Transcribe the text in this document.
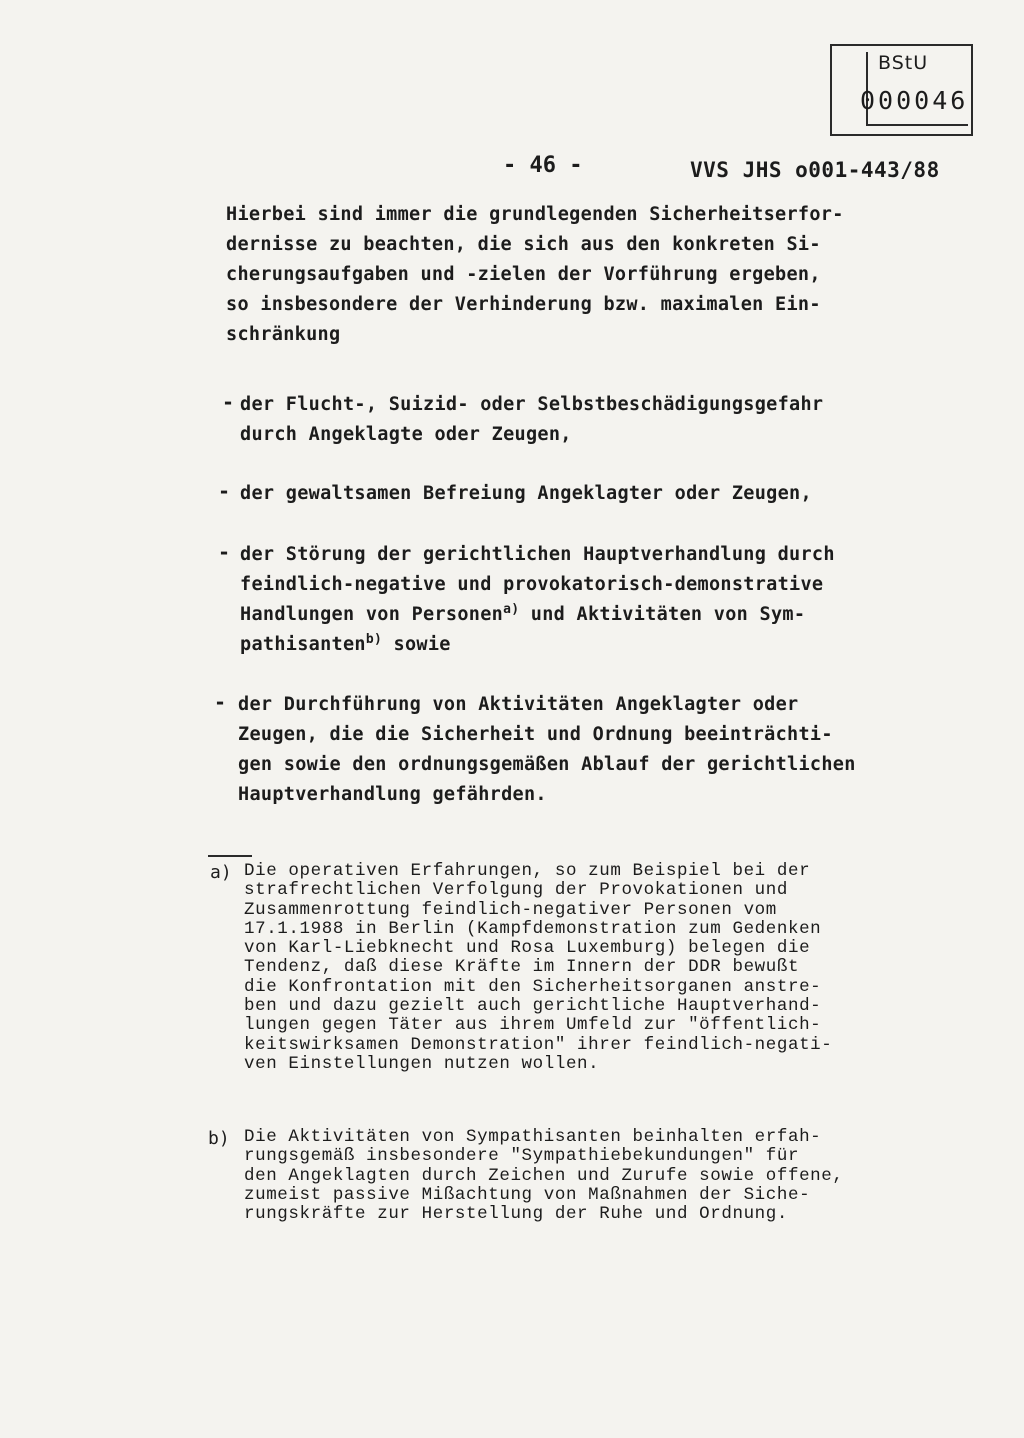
BStU
000046
- 46 -	VVS JHS o001-443/88
Hierbei sind immer die grundlegenden Sicherheitserfor-
dernisse zu beachten, die sich aus den konkreten Si-
cherungsaufgaben und -zielen der Vorführung ergeben,
so insbesondere der Verhinderung bzw. maximalen Ein-
schränkung
- der Flucht-, Suizid- oder Selbstbeschädigungsgefahr
durch Angeklagte oder Zeugen,
- der gewaltsamen Befreiung Angeklagter oder Zeugen,
- der Störung der gerichtlichen Hauptverhandlung durch
feindlich-negative und provokatorisch-demonstrative
Handlungen von Personen$^{a)}$ und Aktivitäten von Sym-
pathisanten$^{b)}$ sowie
- der Durchführung von Aktivitäten Angeklagter oder
Zeugen, die die Sicherheit und Ordnung beeinträchti-
gen sowie den ordnungsgemäßen Ablauf der gerichtlichen
Hauptverhandlung gefährden.
a) Die operativen Erfahrungen, so zum Beispiel bei der
strafrechtlichen Verfolgung der Provokationen und
Zusammenrottung feindlich-negativer Personen vom
17.1.1988 in Berlin (Kampfdemonstration zum Gedenken
von Karl-Liebknecht und Rosa Luxemburg) belegen die
Tendenz, daß diese Kräfte im Innern der DDR bewußt
die Konfrontation mit den Sicherheitsorganen anstre-
ben und dazu gezielt auch gerichtliche Hauptverhand-
lungen gegen Täter aus ihrem Umfeld zur "öffentlich-
keitswirksamen Demonstration" ihrer feindlich-negati-
ven Einstellungen nutzen wollen.
b) Die Aktivitäten von Sympathisanten beinhalten erfah-
rungsgemäß insbesondere "Sympathiebekundungen" für
den Angeklagten durch Zeichen und Zurufe sowie offene,
zumeist passive Mißachtung von Maßnahmen der Siche-
rungskräfte zur Herstellung der Ruhe und Ordnung.
